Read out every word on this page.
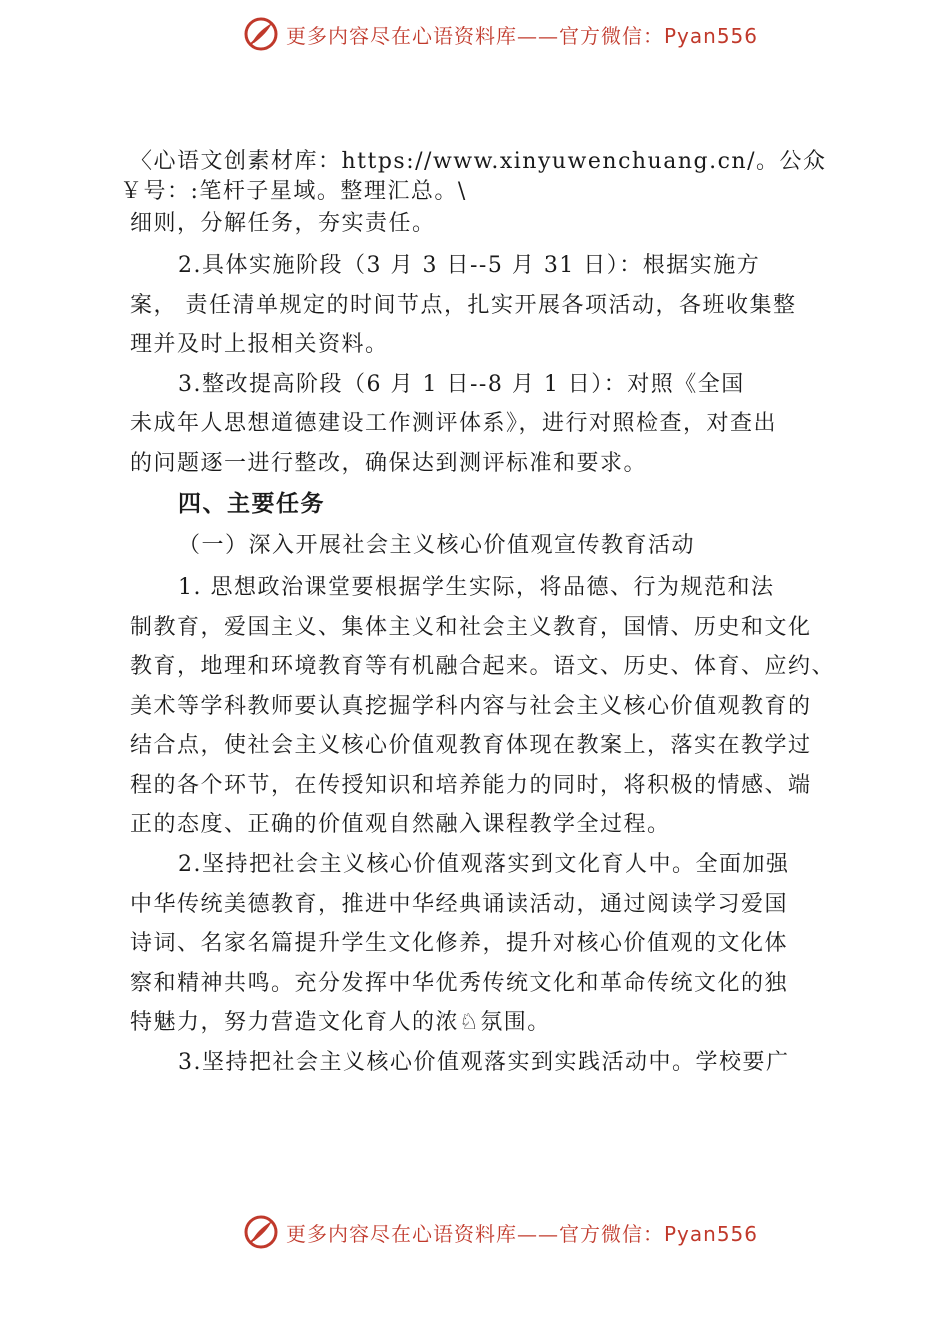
更多内容尽在心语资料库——官方微信：Pyan556
〈心语文创素材库：https://www.xinyuwenchuang.cn/。公众
￥号：:笔杆子星域。整理汇总。\
细则，分解任务，夯实责任。
2.具体实施阶段（3 月 3 日--5 月 31 日）：根据实施方
案， 责任清单规定的时间节点，扎实开展各项活动，各班收集整
理并及时上报相关资料。
3.整改提高阶段（6 月 1 日--8 月 1 日）：对照《全国
未成年人思想道德建设工作测评体系》，进行对照检查，对查出
的问题逐一进行整改，确保达到测评标准和要求。
四、主要任务
（一）深入开展社会主义核心价值观宣传教育活动
1. 思想政治课堂要根据学生实际，将品德、行为规范和法
制教育，爱国主义、集体主义和社会主义教育，国情、历史和文化
教育，地理和环境教育等有机融合起来。语文、历史、体育、应约、
美术等学科教师要认真挖掘学科内容与社会主义核心价值观教育的
结合点，使社会主义核心价值观教育体现在教案上，落实在教学过
程的各个环节，在传授知识和培养能力的同时，将积极的情感、端
正的态度、正确的价值观自然融入课程教学全过程。
2.坚持把社会主义核心价值观落实到文化育人中。全面加强
中华传统美德教育，推进中华经典诵读活动，通过阅读学习爱国
诗词、名家名篇提升学生文化修养，提升对核心价值观的文化体
察和精神共鸣。充分发挥中华优秀传统文化和革命传统文化的独
特魅力，努力营造文化育人的浓♘氛围。
3.坚持把社会主义核心价值观落实到实践活动中。学校要广
更多内容尽在心语资料库——官方微信：Pyan556
